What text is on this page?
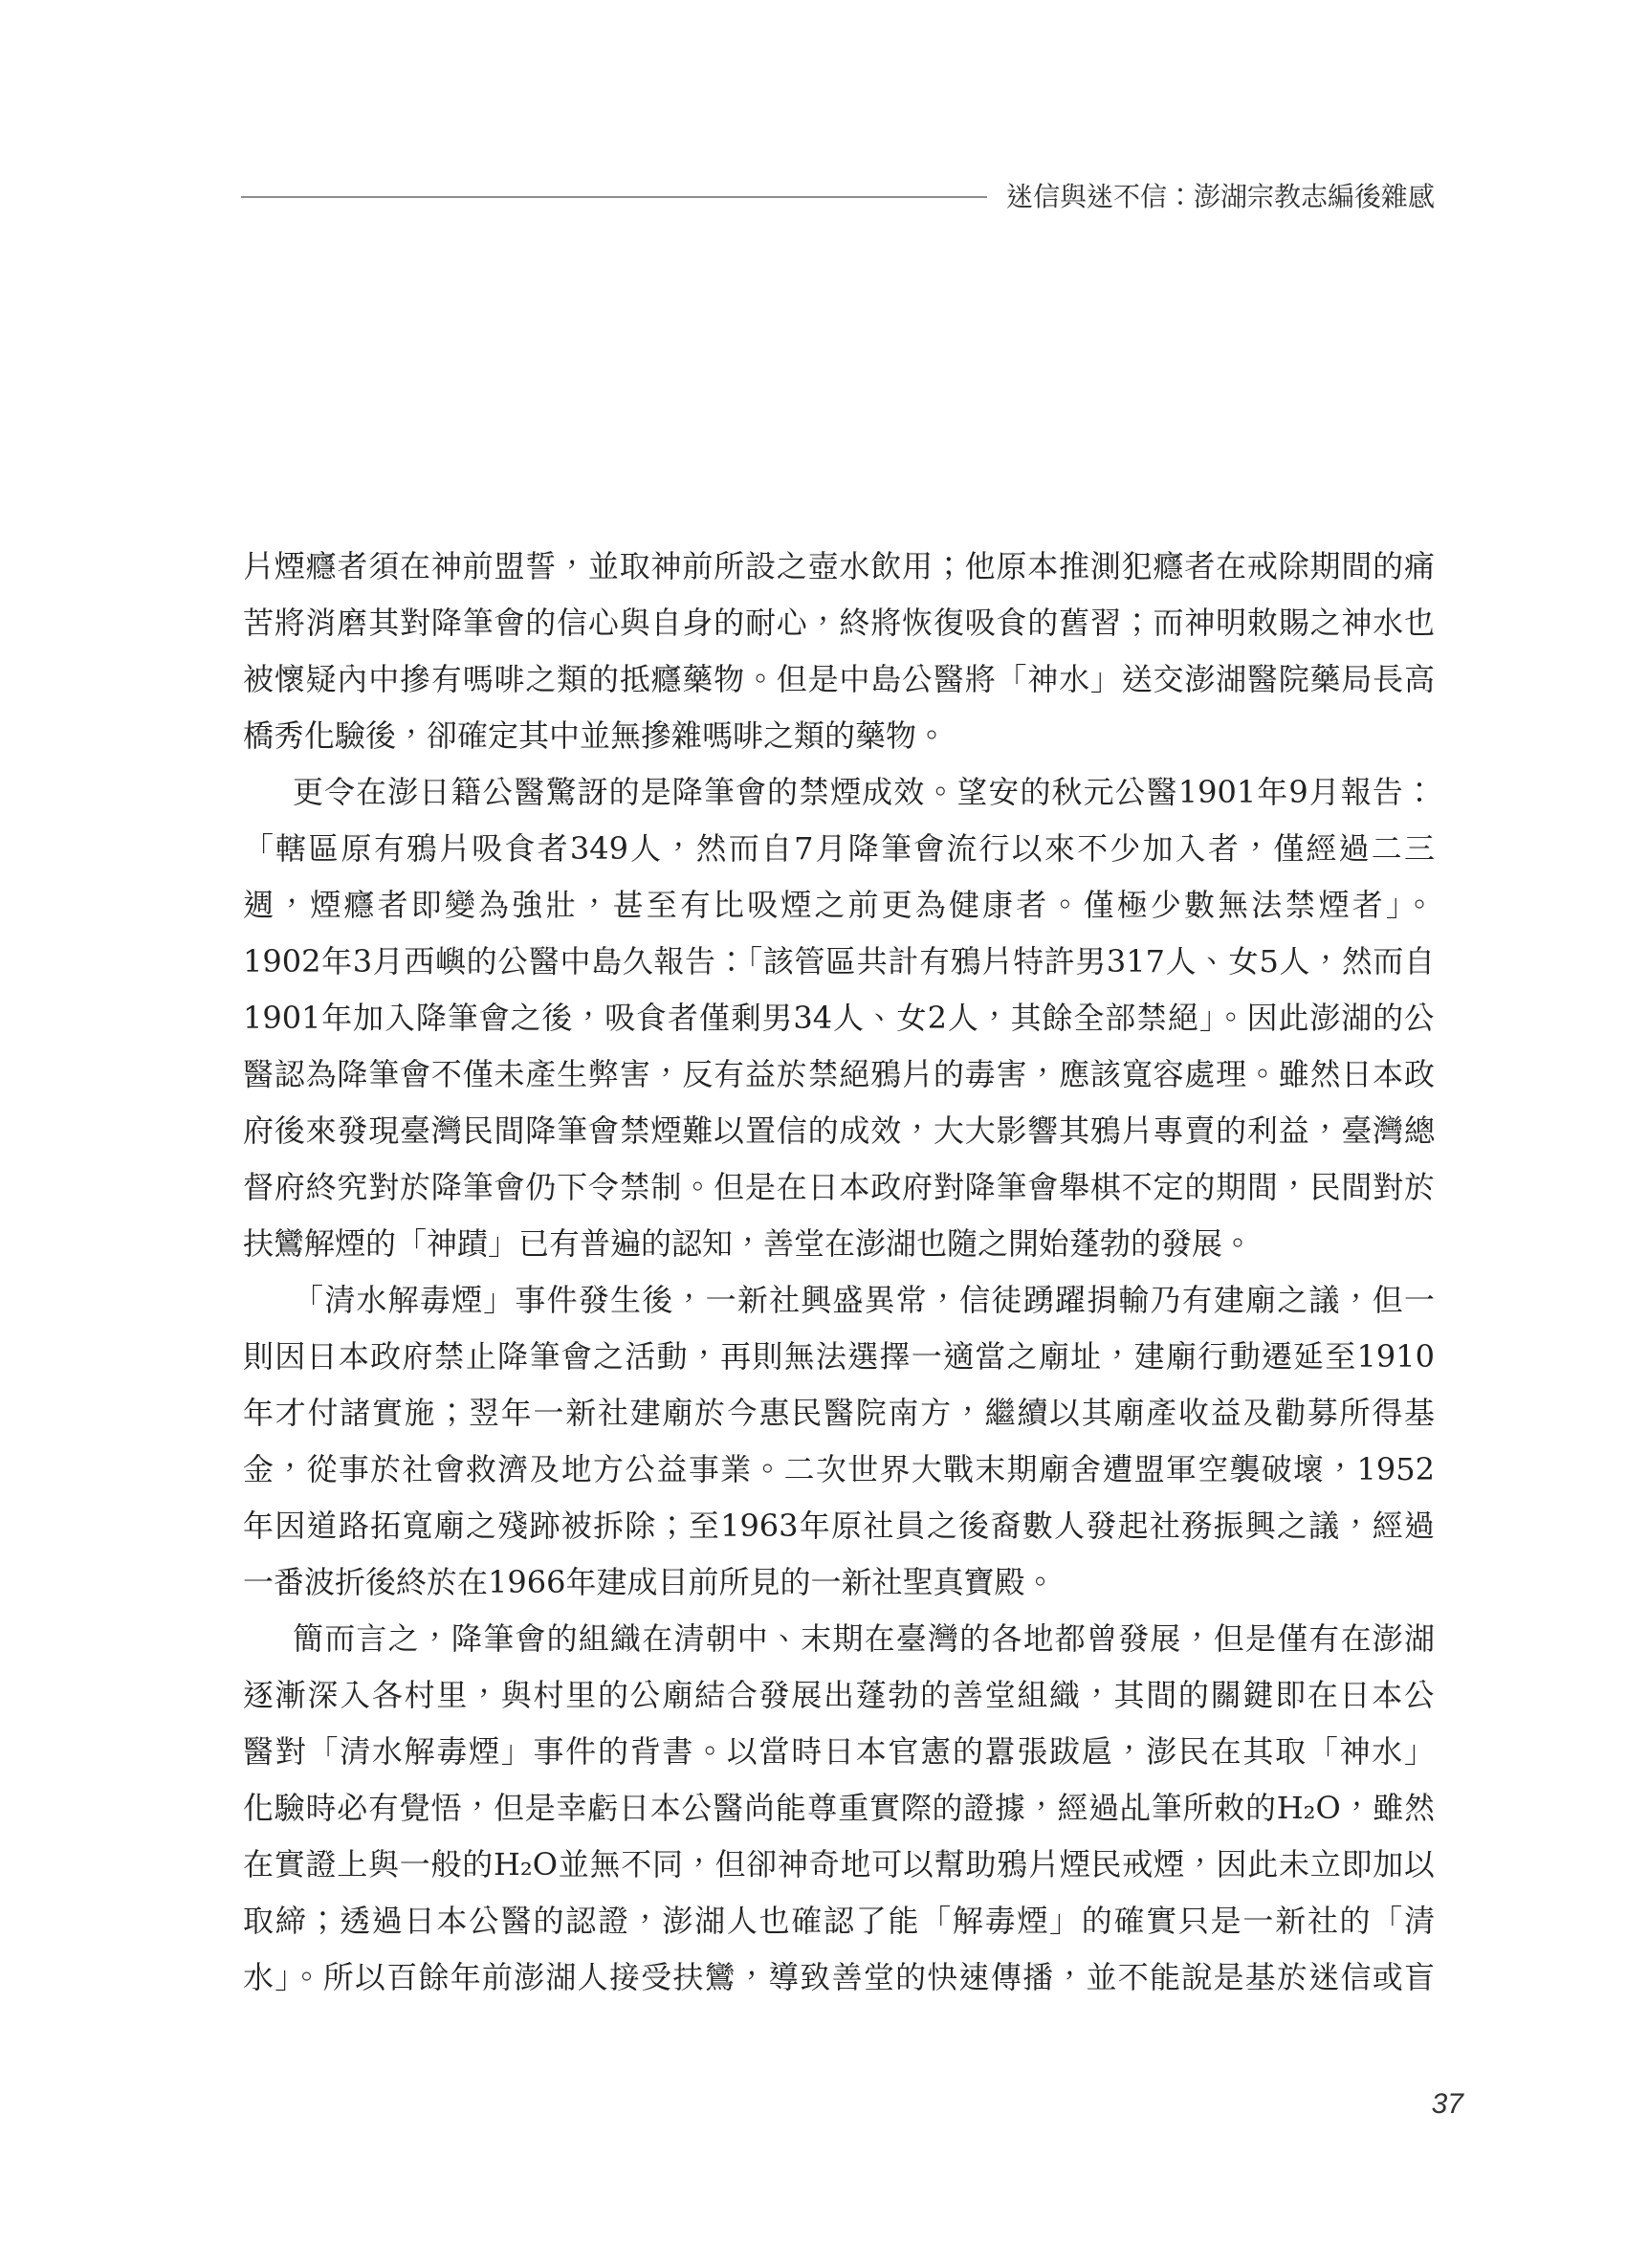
迷信與迷不信：澎湖宗教志編後雜感
片煙癮者須在神前盟誓，並取神前所設之壺水飲用；他原本推測犯癮者在戒除期間的痛
苦將消磨其對降筆會的信心與自身的耐心，終將恢復吸食的舊習；而神明敕賜之神水也
被懷疑內中摻有嗎啡之類的抵癮藥物。但是中島公醫將「神水」送交澎湖醫院藥局長高
橋秀化驗後，卻確定其中並無摻雜嗎啡之類的藥物。
更令在澎日籍公醫驚訝的是降筆會的禁煙成效。望安的秋元公醫1901年9月報告：
「轄區原有鴉片吸食者349人，然而自7月降筆會流行以來不少加入者，僅經過二三
週，煙癮者即變為強壯，甚至有比吸煙之前更為健康者。僅極少數無法禁煙者」。
1902年3月西嶼的公醫中島久報告：「該管區共計有鴉片特許男317人、女5人，然而自
1901年加入降筆會之後，吸食者僅剩男34人、女2人，其餘全部禁絕」。因此澎湖的公
醫認為降筆會不僅未產生弊害，反有益於禁絕鴉片的毒害，應該寬容處理。雖然日本政
府後來發現臺灣民間降筆會禁煙難以置信的成效，大大影響其鴉片專賣的利益，臺灣總
督府終究對於降筆會仍下令禁制。但是在日本政府對降筆會舉棋不定的期間，民間對於
扶鸞解煙的「神蹟」已有普遍的認知，善堂在澎湖也隨之開始蓬勃的發展。
「清水解毒煙」事件發生後，一新社興盛異常，信徒踴躍捐輸乃有建廟之議，但一
則因日本政府禁止降筆會之活動，再則無法選擇一適當之廟址，建廟行動遷延至1910
年才付諸實施；翌年一新社建廟於今惠民醫院南方，繼續以其廟產收益及勸募所得基
金，從事於社會救濟及地方公益事業。二次世界大戰末期廟舍遭盟軍空襲破壞，1952
年因道路拓寬廟之殘跡被拆除；至1963年原社員之後裔數人發起社務振興之議，經過
一番波折後終於在1966年建成目前所見的一新社聖真寶殿。
簡而言之，降筆會的組織在清朝中、末期在臺灣的各地都曾發展，但是僅有在澎湖
逐漸深入各村里，與村里的公廟結合發展出蓬勃的善堂組織，其間的關鍵即在日本公
醫對「清水解毒煙」事件的背書。以當時日本官憲的囂張跋扈，澎民在其取「神水」
化驗時必有覺悟，但是幸虧日本公醫尚能尊重實際的證據，經過乩筆所敕的H₂O，雖然
在實證上與一般的H₂O並無不同，但卻神奇地可以幫助鴉片煙民戒煙，因此未立即加以
取締；透過日本公醫的認證，澎湖人也確認了能「解毒煙」的確實只是一新社的「清
水」。所以百餘年前澎湖人接受扶鸞，導致善堂的快速傳播，並不能說是基於迷信或盲
37
